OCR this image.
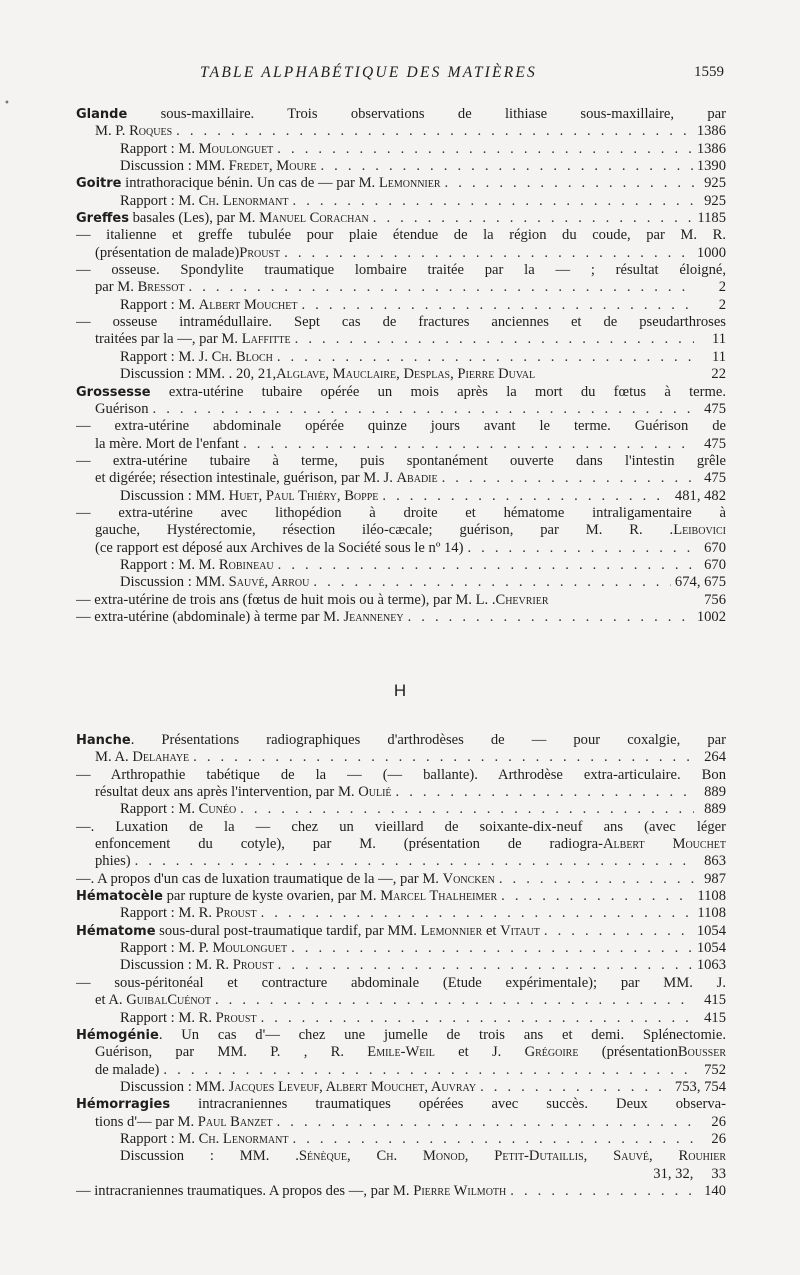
TABLE ALPHABÉTIQUE DES MATIÈRES	1559
•
Glande sous-maxillaire. Trois observations de lithiase sous-maxillaire, par
M. P. Roques . . .	1386
Rapport : M. Moulonguet . . .	1386
Discussion : MM. Fredet, Moure . . .	1390
Goitre intrathoracique bénin. Un cas de — par M. Lemonnier . . .	925
Rapport : M. Ch. Lenormant . . .	925
Greffes basales (Les), par M. Manuel Corachan . . .	1185
— italienne et greffe tubulée pour plaie étendue de la région du coude, par M. R.
(présentation de malade)Proust . . .	1000
— osseuse. Spondylite traumatique lombaire traitée par la — ; résultat éloigné,
par M. Bressot . . .	2
Rapport : M. Albert Mouchet . . .	2
— osseuse intramédullaire. Sept cas de fractures anciennes et de pseudarthroses
traitées par la —, par M. Laffitte . . .	11
Rapport : M. J. Ch. Bloch . . .	11
Discussion : MM. . 20, 21,Alglave, Mauclaire, Desplas, Pierre Duval	22
Grossesse extra-utérine tubaire opérée un mois après la mort du fœtus à terme.
Guérison . . .	475
— extra-utérine abdominale opérée quinze jours avant le terme. Guérison de
la mère. Mort de l'enfant . . .	475
— extra-utérine tubaire à terme, puis spontanément ouverte dans l'intestin grêle
et digérée; résection intestinale, guérison, par M. J. Abadie . . .	475
Discussion : MM. Huet, Paul Thiéry, Boppe . . .	481, 482
— extra-utérine avec lithopédion à droite et hématome intraligamentaire à
gauche, Hystérectomie, résection iléo-cæcale; guérison, par M. R. .Leibovici
(ce rapport est déposé aux Archives de la Société sous le nº 14) . . .	670
Rapport : M. M. Robineau . . .	670
Discussion : MM. Sauvé, Arrou . . .	674, 675
— extra-utérine de trois ans (fœtus de huit mois ou à terme), par M. L. .Chevrier	756
— extra-utérine (abdominale) à terme par M. Jeanneney . . .	1002
H
Hanche. Présentations radiographiques d'arthrodèses de — pour coxalgie, par
M. A. Delahaye . . .	264
— Arthropathie tabétique de la — (— ballante). Arthrodèse extra-articulaire. Bon
résultat deux ans après l'intervention, par M. Oulié . . .	889
Rapport : M. Cunéo . . .	889
—. Luxation de la — chez un vieillard de soixante-dix-neuf ans (avec léger
enfoncement du cotyle), par M. (présentation de radiogra-Albert Mouchet
phies) . . .	863
—. A propos d'un cas de luxation traumatique de la —, par M. Voncken . . .	987
Hématocèle par rupture de kyste ovarien, par M. Marcel Thalheimer . . .	1108
Rapport : M. R. Proust . . .	1108
Hématome sous-dural post-traumatique tardif, par MM. Lemonnier et Vitaut . . .	1054
Rapport : M. P. Moulonguet . . .	1054
Discussion : M. R. Proust . . .	1063
— sous-péritonéal et contracture abdominale (Etude expérimentale); par MM. J.
et A. GuibalCuénot . . .	415
Rapport : M. R. Proust . . .	415
Hémogénie. Un cas d'— chez une jumelle de trois ans et demi. Splénectomie.
Guérison, par MM. P. , R. Emile-Weil et J. Grégoire (présentationBousser
de malade) . . .	752
Discussion : MM. Jacques Leveuf, Albert Mouchet, Auvray . . .	753, 754
Hémorragies intracraniennes traumatiques opérées avec succès. Deux observa-
tions d'— par M. Paul Banzet . . .	26
Rapport : M. Ch. Lenormant . . .	26
Discussion : MM. .Sénèque, Ch. Monod, Petit-Dutaillis, Sauvé, Rouhier
31, 32, 33
— intracraniennes traumatiques. A propos des —, par M. Pierre Wilmoth . . .	140
